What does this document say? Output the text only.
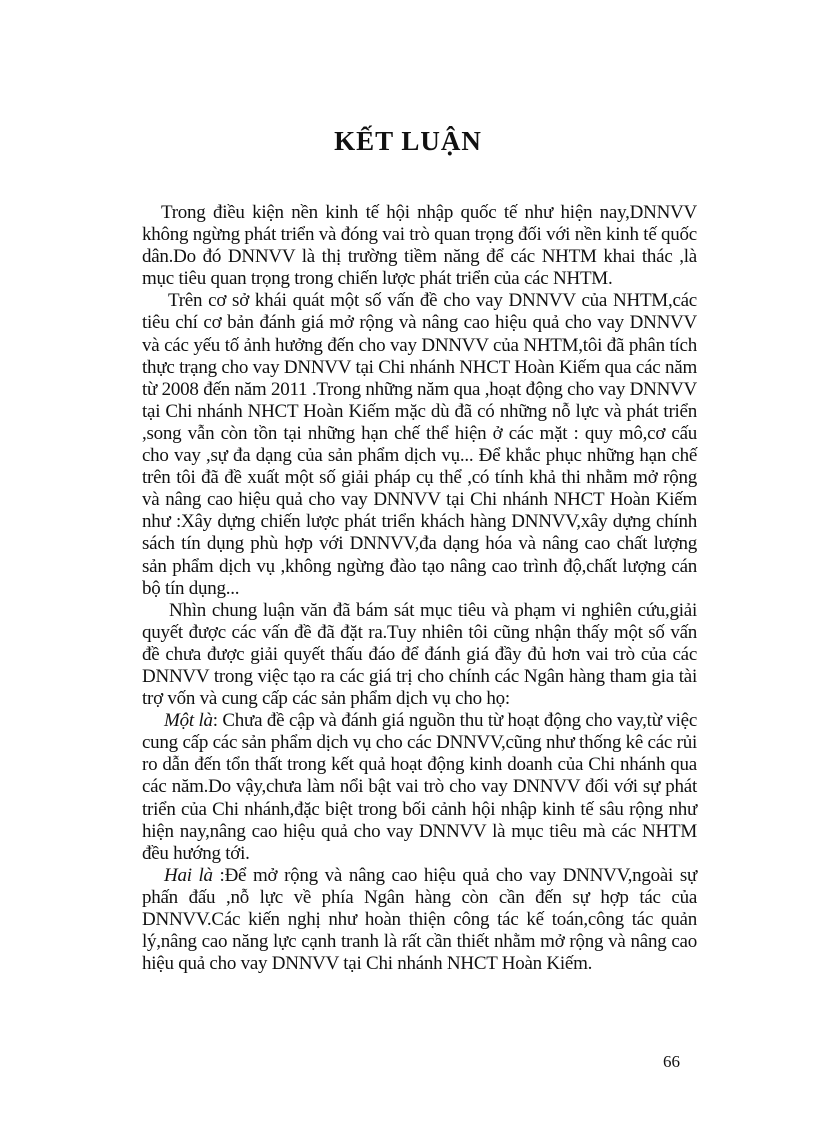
KẾT LUẬN

Trong điều kiện nền kinh tế hội nhập quốc tế như hiện nay,DNNVV không ngừng phát triển và đóng vai trò quan trọng đối với nền kinh tế quốc dân.Do đó DNNVV là thị trường tiềm năng để các NHTM khai thác ,là mục tiêu quan trọng trong chiến lược phát triển của các NHTM.

Trên cơ sở khái quát một số vấn đề cho vay DNNVV của NHTM,các tiêu chí cơ bản đánh giá mở rộng và nâng cao hiệu quả cho vay DNNVV và các yếu tố ảnh hưởng đến cho vay DNNVV của NHTM,tôi đã phân tích thực trạng cho vay DNNVV tại Chi nhánh NHCT Hoàn Kiếm qua các năm từ 2008 đến năm 2011 .Trong những năm qua ,hoạt động cho vay DNNVV tại Chi nhánh NHCT Hoàn Kiếm mặc dù đã có những nỗ lực và phát triển ,song vẫn còn tồn tại những hạn chế thể hiện ở các mặt : quy mô,cơ cấu cho vay ,sự đa dạng của sản phẩm dịch vụ... Để khắc phục những hạn chế trên tôi đã đề xuất một số giải pháp cụ thể ,có tính khả thi nhằm mở rộng và nâng cao hiệu quả cho vay DNNVV tại Chi nhánh NHCT Hoàn Kiếm như :Xây dựng chiến lược phát triển khách hàng DNNVV,xây dựng chính sách tín dụng phù hợp với DNNVV,đa dạng hóa và nâng cao chất lượng sản phẩm dịch vụ ,không ngừng đào tạo nâng cao trình độ,chất lượng cán bộ tín dụng...

Nhìn chung luận văn đã bám sát mục tiêu và phạm vi nghiên cứu,giải quyết được các vấn đề đã đặt ra.Tuy nhiên tôi cũng nhận thấy một số vấn đề chưa được giải quyết thấu đáo để đánh giá đầy đủ hơn vai trò của các DNNVV trong việc tạo ra các giá trị cho chính các Ngân hàng tham gia tài trợ vốn và cung cấp các sản phẩm dịch vụ cho họ:

Một là: Chưa đề cập và đánh giá nguồn thu từ hoạt động cho vay,từ việc cung cấp các sản phẩm dịch vụ cho các DNNVV,cũng như thống kê các rủi ro dẫn đến tổn thất trong kết quả hoạt động kinh doanh của Chi nhánh qua các năm.Do vậy,chưa làm nổi bật vai trò cho vay DNNVV đối với sự phát triển của Chi nhánh,đặc biệt trong bối cảnh hội nhập kinh tế sâu rộng như hiện nay,nâng cao hiệu quả cho vay DNNVV là mục tiêu mà các NHTM đều hướng tới.

Hai là :Để mở rộng và nâng cao hiệu quả cho vay DNNVV,ngoài sự phấn đấu ,nỗ lực về phía Ngân hàng còn cần đến sự hợp tác của DNNVV.Các kiến nghị như hoàn thiện công tác kế toán,công tác quản lý,nâng cao năng lực cạnh tranh là rất cần thiết nhằm mở rộng và nâng cao hiệu quả cho vay DNNVV tại Chi nhánh NHCT Hoàn Kiếm.

66
